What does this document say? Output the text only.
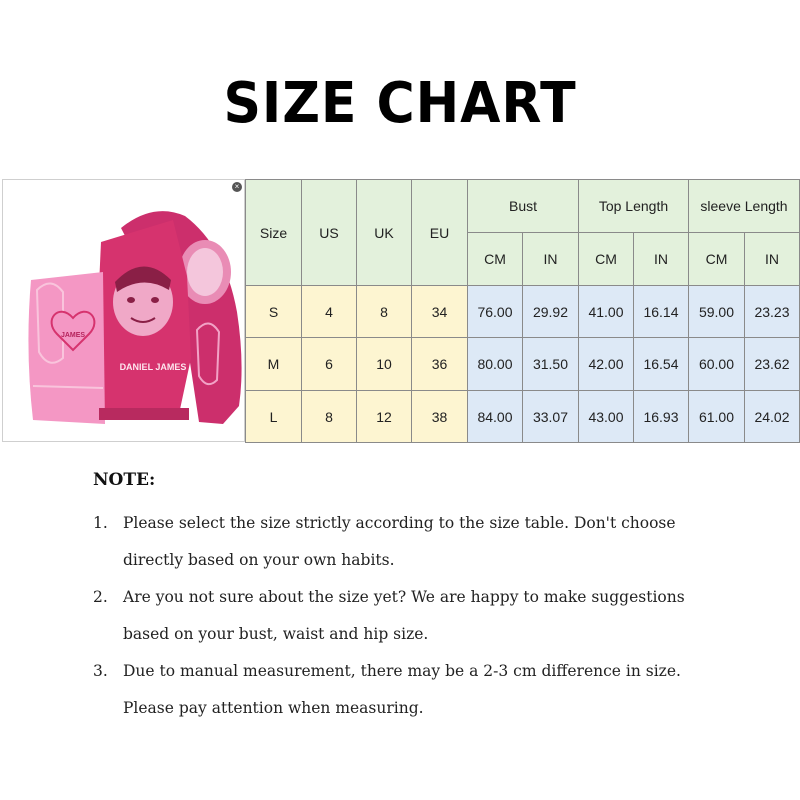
SIZE CHART
×
JAMES
DANIEL JAMES
Size	US	UK	EU	Bust		Top Length		sleeve Length	
				CM	IN	CM	IN	CM	IN
S	4	8	34	76.00	29.92	41.00	16.14	59.00	23.23
M	6	10	36	80.00	31.50	42.00	16.54	60.00	23.62
L	8	12	38	84.00	33.07	43.00	16.93	61.00	24.02
NOTE:
1. Please select the size strictly according to the size table. Don't choose directly based on your own habits.
2. Are you not sure about the size yet? We are happy to make suggestions based on your bust, waist and hip size.
3. Due to manual measurement, there may be a 2-3 cm difference in size. Please pay attention when measuring.
